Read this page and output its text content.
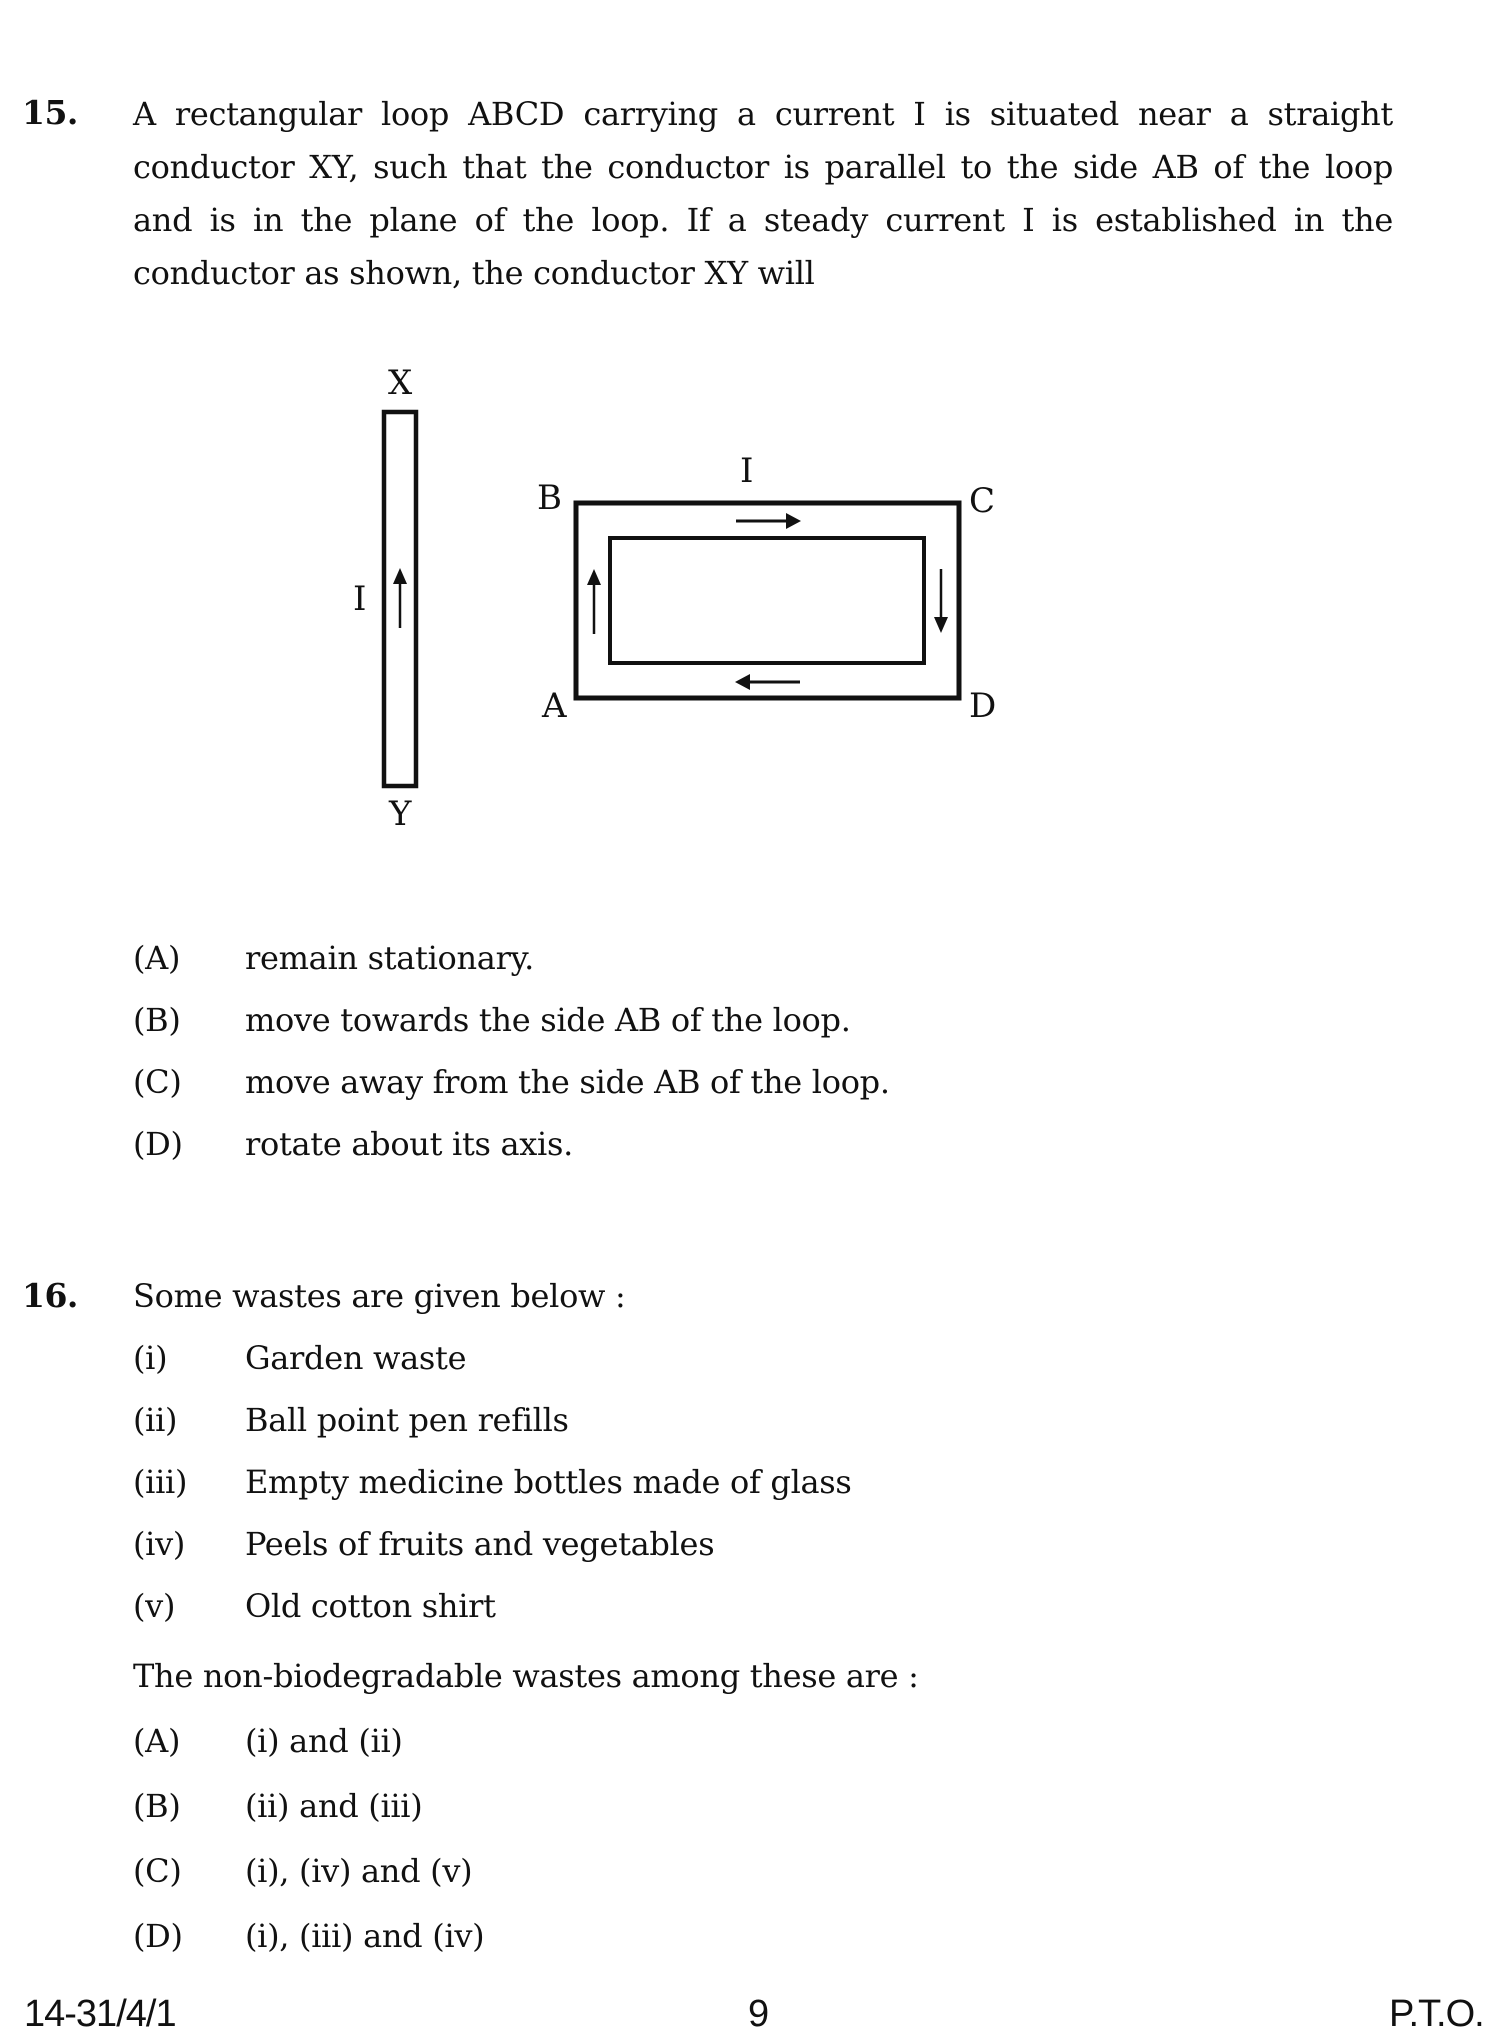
15. A rectangular loop ABCD carrying a current I is situated near a straight conductor XY, such that the conductor is parallel to the side AB of the loop and is in the plane of the loop. If a steady current I is established in the conductor as shown, the conductor XY will
X
Y
I
B	C
A	D
I
(A) remain stationary.
(B) move towards the side AB of the loop.
(C) move away from the side AB of the loop.
(D) rotate about its axis.
16. Some wastes are given below :
(i) Garden waste
(ii) Ball point pen refills
(iii) Empty medicine bottles made of glass
(iv) Peels of fruits and vegetables
(v) Old cotton shirt
The non-biodegradable wastes among these are :
(A) (i) and (ii)
(B) (ii) and (iii)
(C) (i), (iv) and (v)
(D) (i), (iii) and (iv)
14-31/4/1	9	P.T.O.
